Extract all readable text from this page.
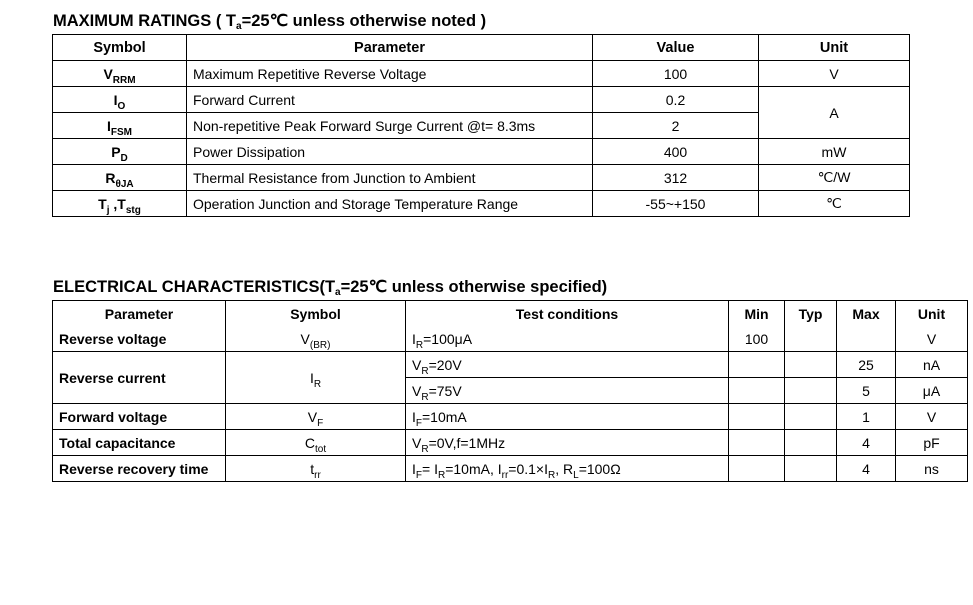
MAXIMUM RATINGS ( $T_a=25℃$ unless otherwise noted )
Symbol	Parameter	Value	Unit
$V_{RRM}$	Maximum Repetitive Reverse Voltage	100	V
$I_O$	Forward Current	0.2	A
$I_{FSM}$	Non-repetitive Peak Forward Surge Current @t= 8.3ms	2	
$P_D$	Power Dissipation	400	mW
$R_{\theta JA}$	Thermal Resistance from Junction to Ambient	312	℃/W
$T_j$ $,T_{stg}$	Operation Junction and Storage Temperature Range	-55~+150	℃
ELECTRICAL $CHARACTERISTICS(T_a=25℃$ unless otherwise specified)
Parameter	Symbol	Test conditions	Min	Typ	Max	Unit
Reverse voltage	$V_{(BR)}$	$I_R=100\mu A$	100			V
Reverse current	$I_R$	$V_R=20V$			25	nA
		$V_R=75V$			5	μA
Forward voltage	$V_F$	$I_F=10mA$			1	V
Total capacitance	$C_{tot}$	$V_R=0V,f=1MHz$			4	pF
Reverse recovery time	$t_{rr}$	$I_F= I_R=10mA$, $I_{rr}=0.1\times I_R$, $R_L=100\Omega$			4	ns
